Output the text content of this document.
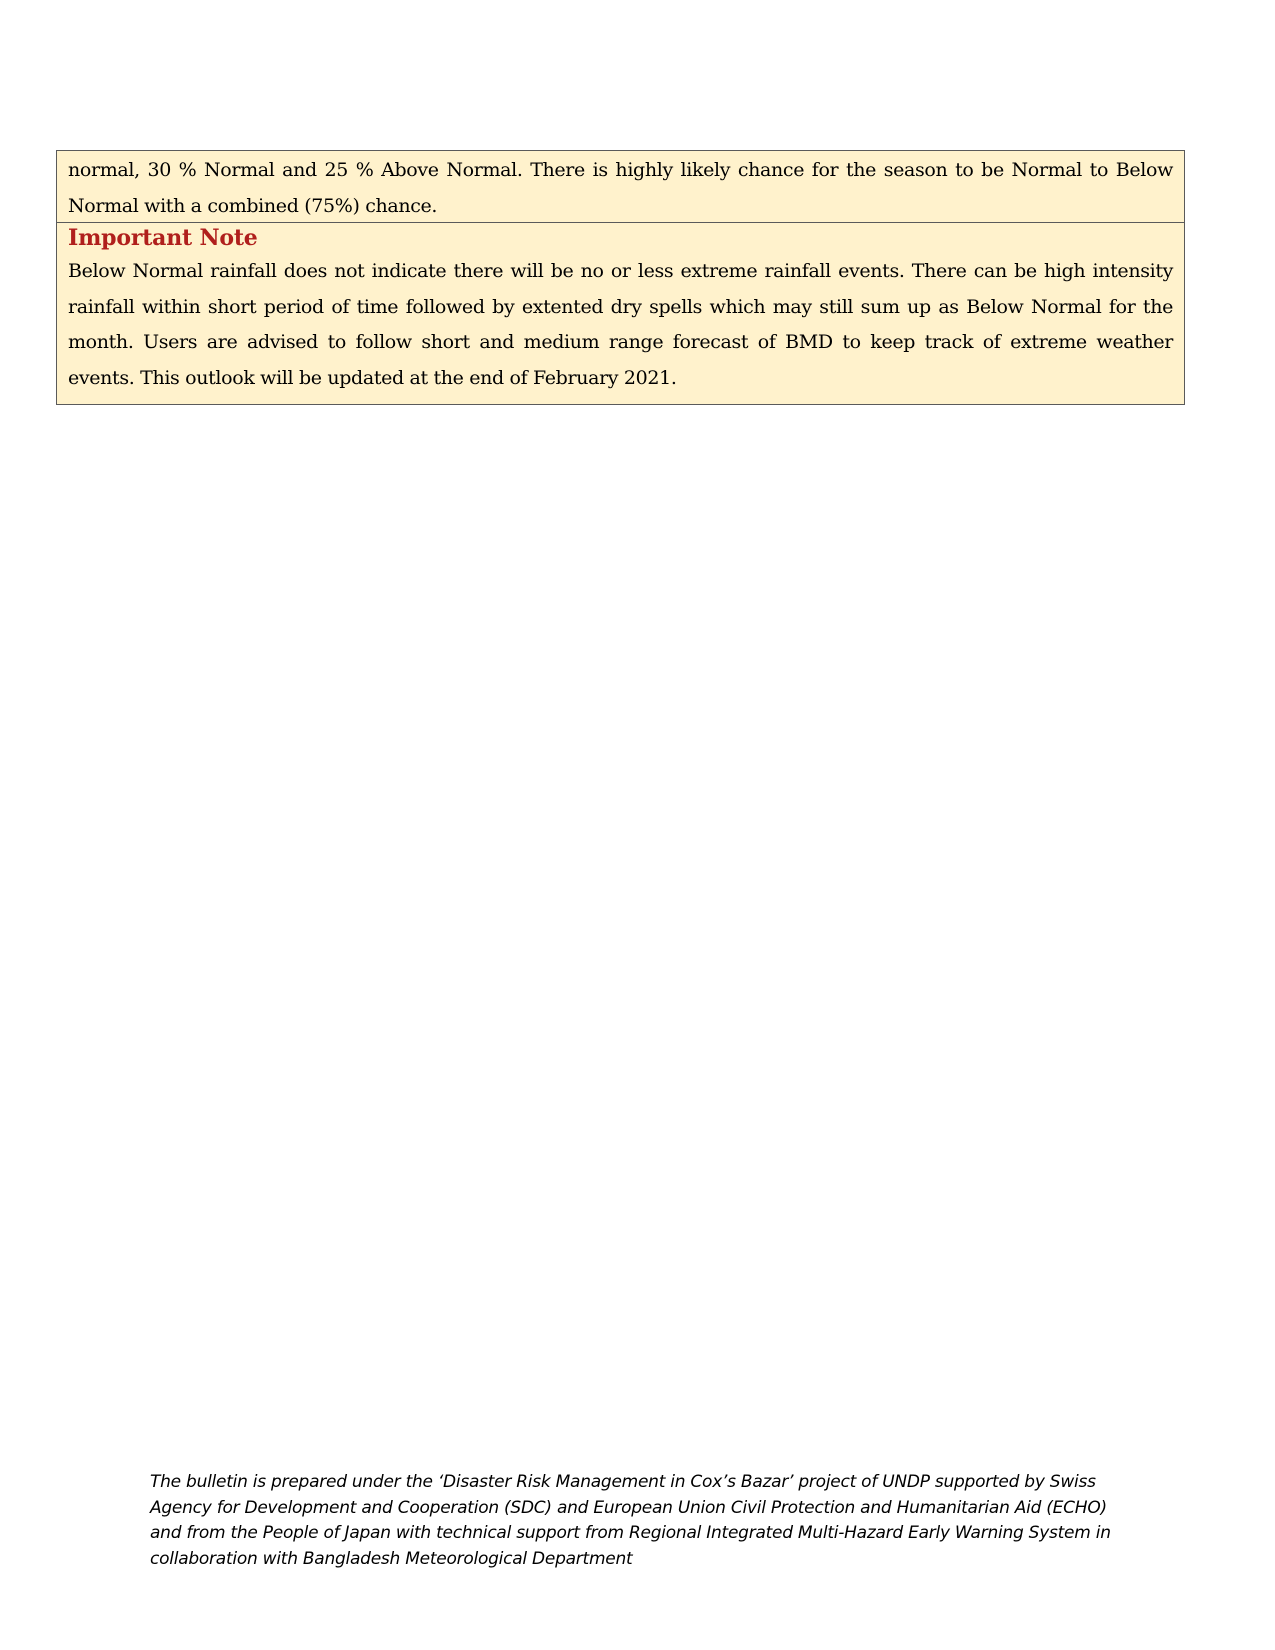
normal, 30 % Normal and 25 % Above Normal. There is highly likely chance for the season to be Normal to Below Normal with a combined (75%) chance.

Important Note

Below Normal rainfall does not indicate there will be no or less extreme rainfall events. There can be high intensity rainfall within short period of time followed by extented dry spells which may still sum up as Below Normal for the month. Users are advised to follow short and medium range forecast of BMD to keep track of extreme weather events. This outlook will be updated at the end of February 2021.

The bulletin is prepared under the ‘Disaster Risk Management in Cox’s Bazar’ project of UNDP supported by Swiss Agency for Development and Cooperation (SDC) and European Union Civil Protection and Humanitarian Aid (ECHO) and from the People of Japan with technical support from Regional Integrated Multi-Hazard Early Warning System in collaboration with Bangladesh Meteorological Department
